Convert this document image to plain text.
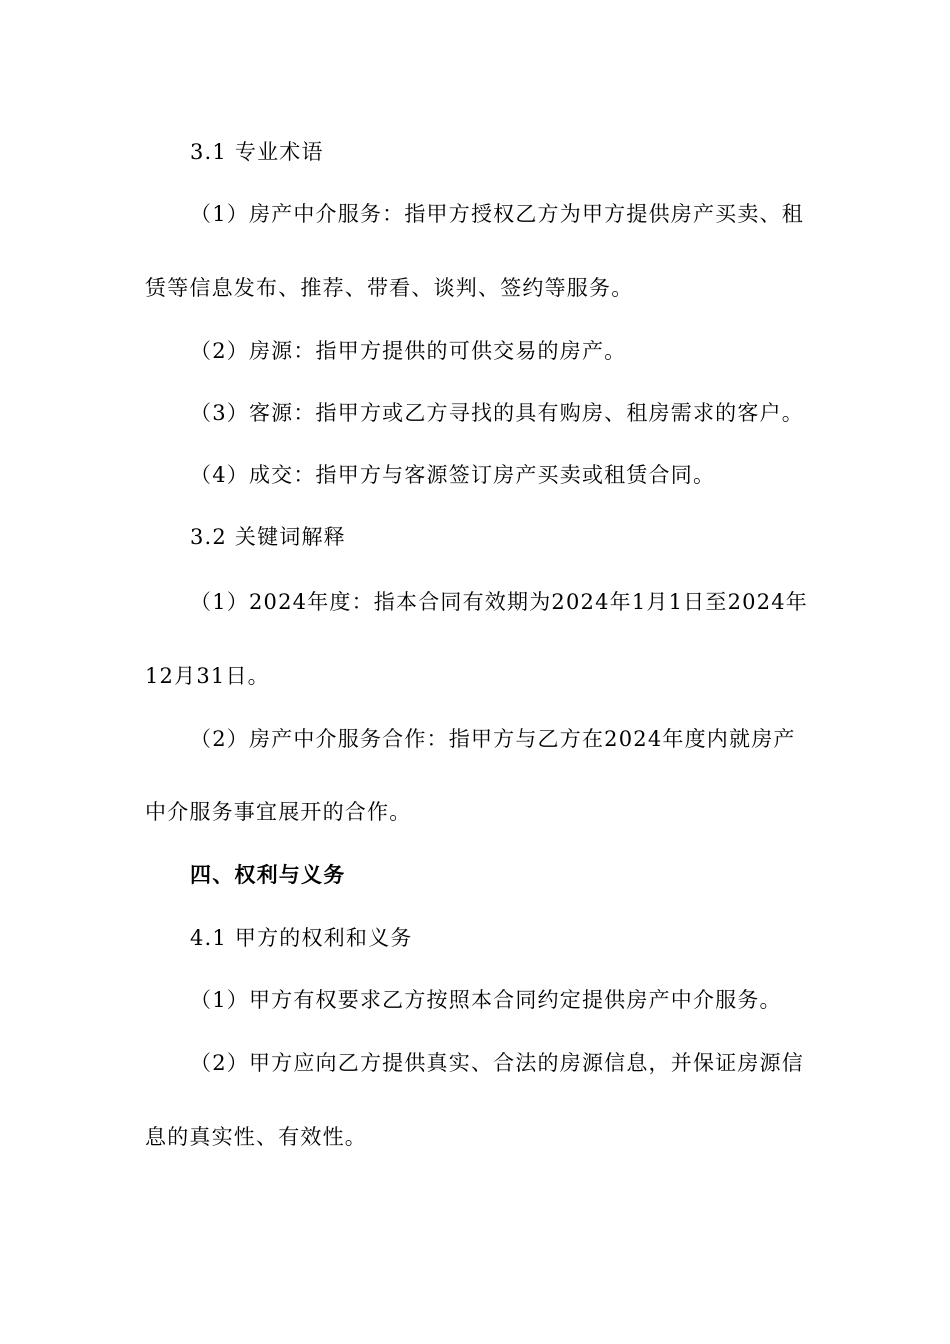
3.1 专业术语
（1）房产中介服务：指甲方授权乙方为甲方提供房产买卖、租
赁等信息发布、推荐、带看、谈判、签约等服务。
（2）房源：指甲方提供的可供交易的房产。
（3）客源：指甲方或乙方寻找的具有购房、租房需求的客户。
（4）成交：指甲方与客源签订房产买卖或租赁合同。
3.2 关键词解释
（1）2024年度：指本合同有效期为2024年1月1日至2024年
12月31日。
（2）房产中介服务合作：指甲方与乙方在2024年度内就房产
中介服务事宜展开的合作。
四、权利与义务
4.1 甲方的权利和义务
（1）甲方有权要求乙方按照本合同约定提供房产中介服务。
（2）甲方应向乙方提供真实、合法的房源信息，并保证房源信
息的真实性、有效性。
